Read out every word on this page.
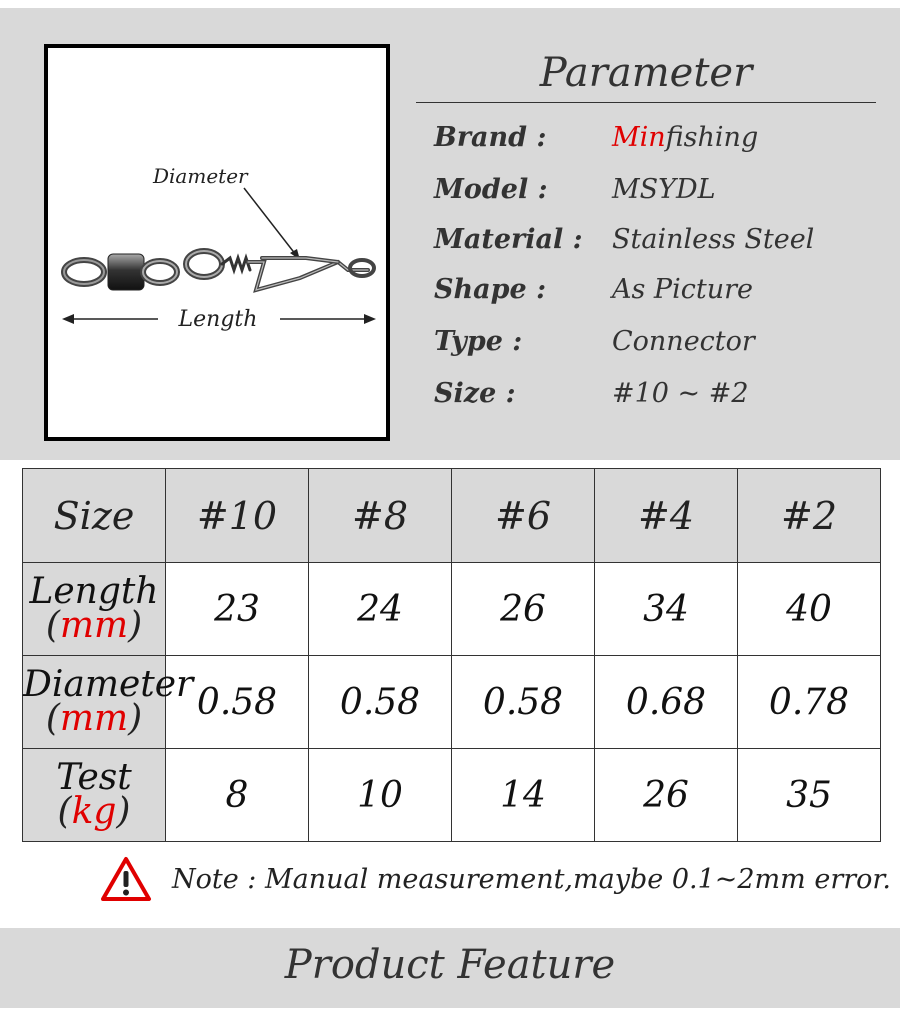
Diameter
Length
Parameter
Brand : Minfishing
Model : MSYDL
Material : Stainless Steel
Shape : As Picture
Type :	Connector
Size :	#10 ~ #2
Size	#10	#8	#6	#4	#2
Length
(mm)	23	24	26	34	40
Diameter
(mm)	0.58	0.58	0.58	0.68	0.78
Test
(kg)	8	10	14	26	35
Note : Manual measurement,maybe 0.1~2mm error.
Product Feature
